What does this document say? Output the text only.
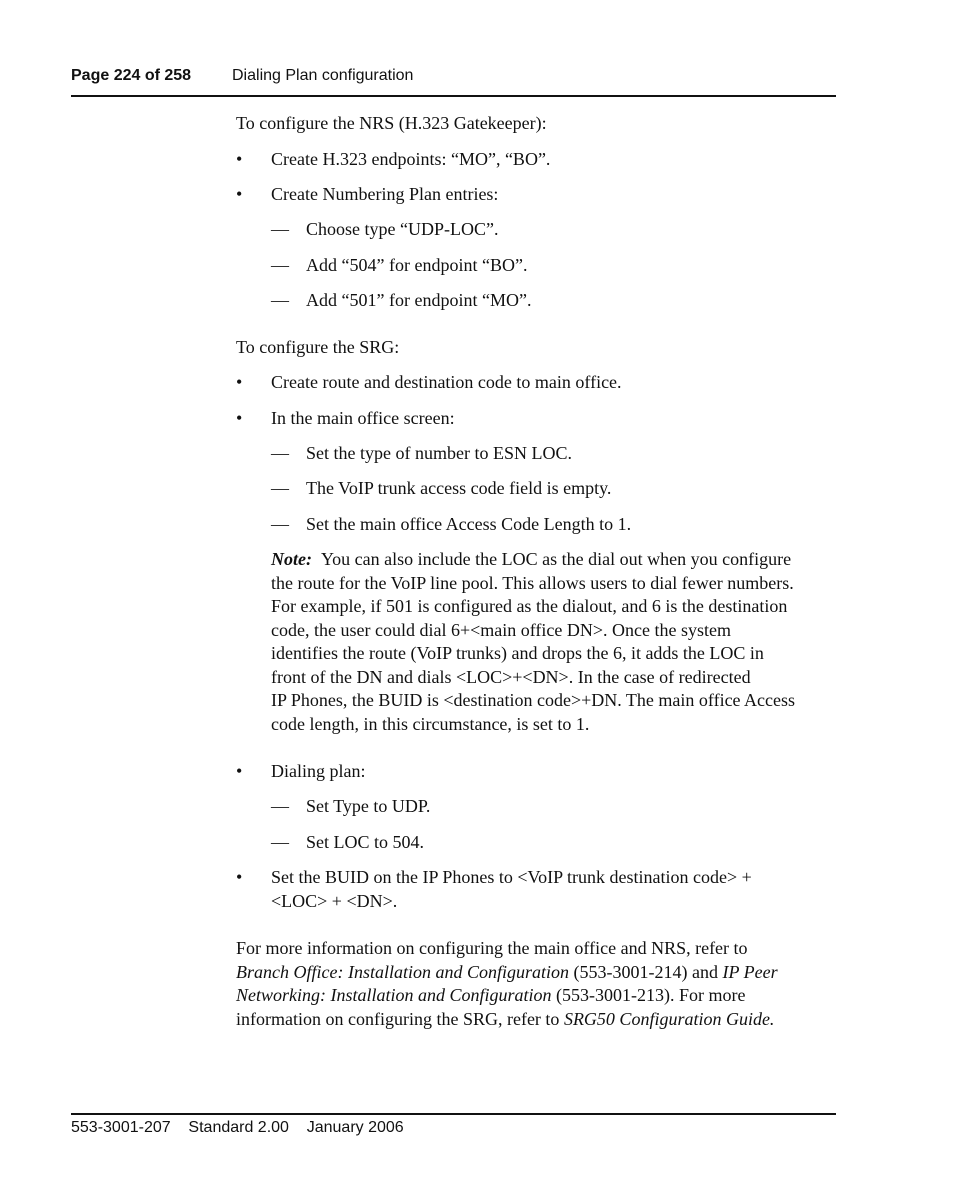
Page 224 of 258	Dialing Plan configuration
To configure the NRS (H.323 Gatekeeper):
• Create H.323 endpoints: “MO”, “BO”.
• Create Numbering Plan entries:
— Choose type “UDP-LOC”.
— Add “504” for endpoint “BO”.
— Add “501” for endpoint “MO”.
To configure the SRG:
• Create route and destination code to main office.
• In the main office screen:
— Set the type of number to ESN LOC.
— The VoIP trunk access code field is empty.
— Set the main office Access Code Length to 1.
Note: You can also include the LOC as the dial out when you configure
the route for the VoIP line pool. This allows users to dial fewer numbers.
For example, if 501 is configured as the dialout, and 6 is the destination
code, the user could dial 6+<main office DN>. Once the system
identifies the route (VoIP trunks) and drops the 6, it adds the LOC in
front of the DN and dials <LOC>+<DN>. In the case of redirected
IP Phones, the BUID is <destination code>+DN. The main office Access
code length, in this circumstance, is set to 1.
• Dialing plan:
— Set Type to UDP.
— Set LOC to 504.
• Set the BUID on the IP Phones to <VoIP trunk destination code> +
<LOC> + <DN>.
For more information on configuring the main office and NRS, refer to
Branch Office: Installation and Configuration (553-3001-214) and IP Peer
Networking: Installation and Configuration (553-3001-213). For more
information on configuring the SRG, refer to SRG50 Configuration Guide.
553-3001-207 Standard 2.00 January 2006
